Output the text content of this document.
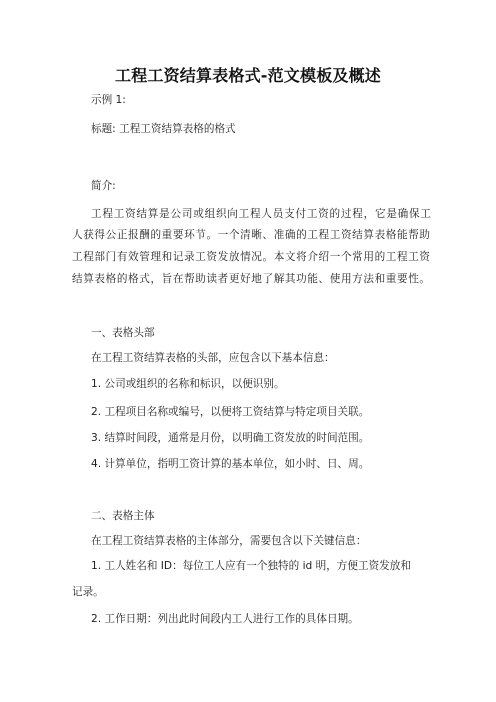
工程工资结算表格式-范文模板及概述
示例 1:
标题: 工程工资结算表格的格式
简介:
工程工资结算是公司或组织向工程人员支付工资的过程，它是确保工
人获得公正报酬的重要环节。一个清晰、准确的工程工资结算表格能帮助
工程部门有效管理和记录工资发放情况。本文将介绍一个常用的工程工资
结算表格的格式，旨在帮助读者更好地了解其功能、使用方法和重要性。
一、表格头部
在工程工资结算表格的头部，应包含以下基本信息：
1. 公司或组织的名称和标识，以便识别。
2. 工程项目名称或编号，以便将工资结算与特定项目关联。
3. 结算时间段，通常是月份，以明确工资发放的时间范围。
4. 计算单位，指明工资计算的基本单位，如小时、日、周。
二、表格主体
在工程工资结算表格的主体部分，需要包含以下关键信息：
1. 工人姓名和 ID：每位工人应有一个独特的 id 明，方便工资发放和
记录。
2. 工作日期：列出此时间段内工人进行工作的具体日期。
